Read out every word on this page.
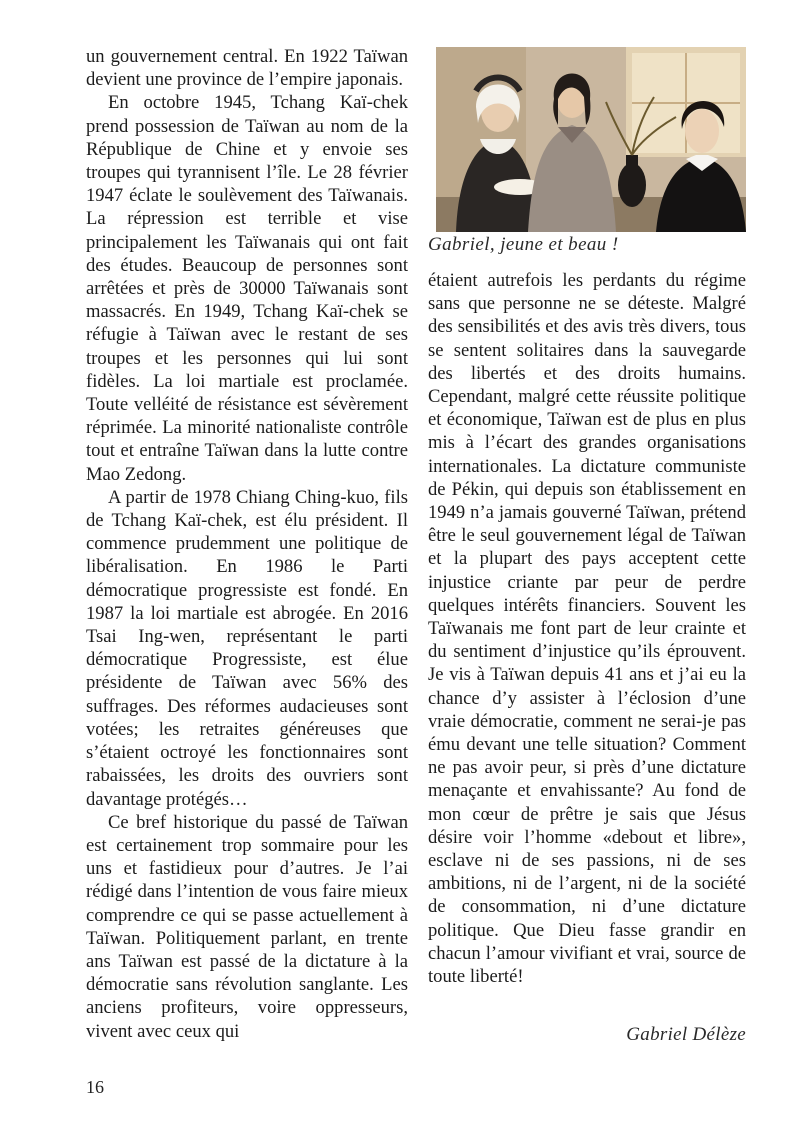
un gouvernement central. En 1922 Taïwan devient une province de l’empire japonais.

En octobre 1945, Tchang Kaï-chek prend possession de Taïwan au nom de la République de Chine et y envoie ses troupes qui tyrannisent l’île. Le 28 février 1947 éclate le soulèvement des Taïwanais. La répression est terrible et vise principalement les Taïwanais qui ont fait des études. Beaucoup de personnes sont arrêtées et près de 30000 Taïwanais sont massacrés. En 1949, Tchang Kaï-chek se réfugie à Taïwan avec le restant de ses troupes et les personnes qui lui sont fidèles. La loi martiale est proclamée. Toute velléité de résistance est sévèrement réprimée. La minorité nationaliste contrôle tout et entraîne Taïwan dans la lutte contre Mao Zedong.

A partir de 1978 Chiang Ching-kuo, fils de Tchang Kaï-chek, est élu président. Il commence prudemment une politique de libéralisation. En 1986 le Parti démocratique progressiste est fondé. En 1987 la loi martiale est abrogée. En 2016 Tsai Ing-wen, représentant le parti démocratique Progressiste, est élue présidente de Taïwan avec 56% des suffrages. Des réformes audacieuses sont votées; les retraites généreuses que s’étaient octroyé les fonctionnaires sont rabaissées, les droits des ouvriers sont davantage protégés…

Ce bref historique du passé de Taïwan est certainement trop sommaire pour les uns et fastidieux pour d’autres. Je l’ai rédigé dans l’intention de vous faire mieux comprendre ce qui se passe actuellement à Taïwan. Politiquement parlant, en trente ans Taïwan est passé de la dictature à la démocratie sans révolution sanglante. Les anciens profiteurs, voire oppresseurs, vivent avec ceux qui

Gabriel, jeune et beau !

étaient autrefois les perdants du régime sans que personne ne se déteste. Malgré des sensibilités et des avis très divers, tous se sentent solitaires dans la sauvegarde des libertés et des droits humains. Cependant, malgré cette réussite politique et économique, Taïwan est de plus en plus mis à l’écart des grandes organisations internationales. La dictature communiste de Pékin, qui depuis son établissement en 1949 n’a jamais gouverné Taïwan, prétend être le seul gouvernement légal de Taïwan et la plupart des pays acceptent cette injustice criante par peur de perdre quelques intérêts financiers. Souvent les Taïwanais me font part de leur crainte et du sentiment d’injustice qu’ils éprouvent. Je vis à Taïwan depuis 41 ans et j’ai eu la chance d’y assister à l’éclosion d’une vraie démocratie, comment ne serai-je pas ému devant une telle situation? Comment ne pas avoir peur, si près d’une dictature menaçante et envahissante? Au fond de mon cœur de prêtre je sais que Jésus désire voir l’homme «debout et libre», esclave ni de ses passions, ni de ses ambitions, ni de l’argent, ni de la société de consommation, ni d’une dictature politique. Que Dieu fasse grandir en chacun l’amour vivifiant et vrai, source de toute liberté!

Gabriel Délèze
16
